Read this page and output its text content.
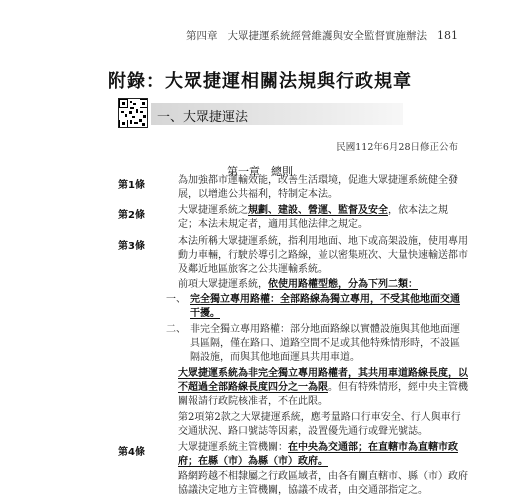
第四章 大眾捷運系統經營維護與安全監督實施辦法 181
附錄：大眾捷運相關法規與行政規章
一、大眾捷運法
民國112年6月28日修正公布
第一章　總則
第1條	為加強都市運輸效能，改善生活環境，促進大眾捷運系統健全發
展，以增進公共福利，特制定本法。
第2條	大眾捷運系統之規劃、建設、營運、監督及安全，依本法之規
定；本法未規定者，適用其他法律之規定。
第3條	本法所稱大眾捷運系統，指利用地面、地下或高架設施，使用專用
動力車輛，行駛於導引之路線，並以密集班次、大量快速輸送都市
及鄰近地區旅客之公共運輸系統。
前項大眾捷運系統，依使用路權型態，分為下列二類：
一、 完全獨立專用路權：全部路線為獨立專用，不受其他地面交通
干擾。
二、 非完全獨立專用路權：部分地面路線以實體設施與其他地面運
具區隔，僅在路口、道路空間不足或其他特殊情形時，不設區
隔設施，而與其他地面運具共用車道。
大眾捷運系統為非完全獨立專用路權者，其共用車道路線長度，以
不超過全部路線長度四分之一為限。但有特殊情形，經中央主管機
關報請行政院核准者，不在此限。
第2項第2款之大眾捷運系統，應考量路口行車安全、行人與車行
交通狀況、路口號誌等因素，設置優先通行或聲光號誌。
第4條	大眾捷運系統主管機關：在中央為交通部；在直轄市為直轄市政
府；在縣（市）為縣（市）政府。
路網跨越不相隸屬之行政區域者，由各有關直轄市、縣（市）政府
協議決定地方主管機關，協議不成者，由交通部指定之。
